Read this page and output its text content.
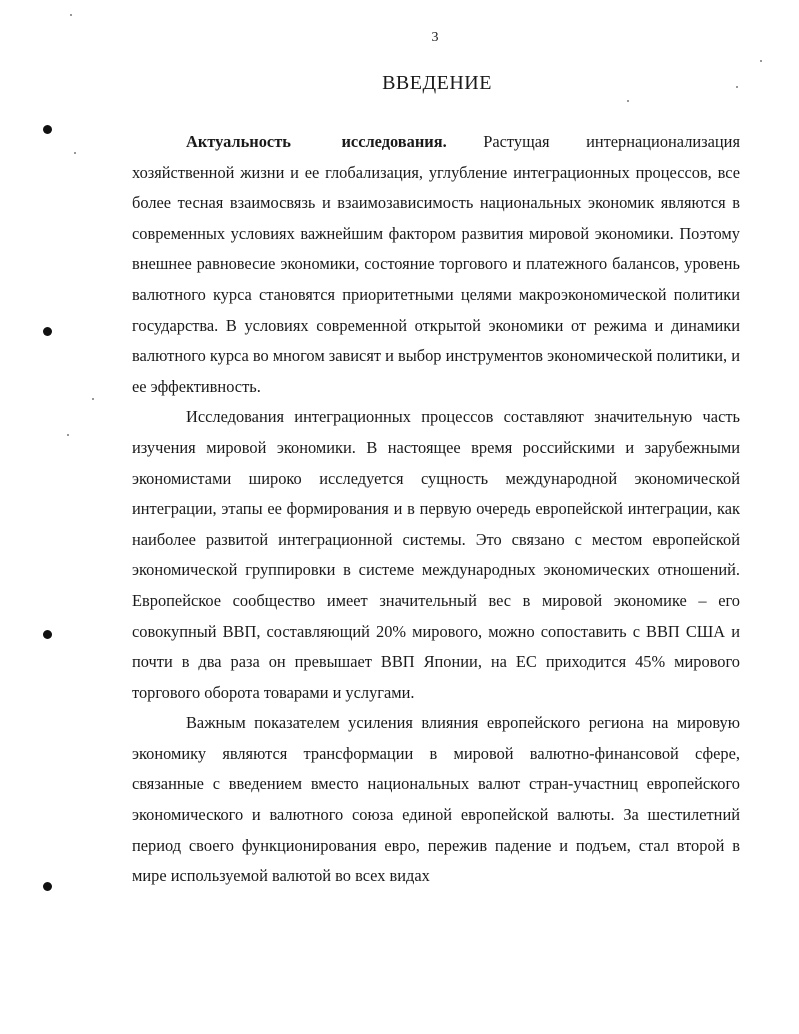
3
ВВЕДЕНИЕ

Актуальность исследования. Растущая интернационализация хозяйственной жизни и ее глобализация, углубление интеграционных процессов, все более тесная взаимосвязь и взаимозависимость национальных экономик являются в современных условиях важнейшим фактором развития мировой экономики. Поэтому внешнее равновесие экономики, состояние торгового и платежного балансов, уровень валютного курса становятся приоритетными целями макроэкономической политики государства. В условиях современной открытой экономики от режима и динамики валютного курса во многом зависят и выбор инструментов экономической политики, и ее эффективность.

Исследования интеграционных процессов составляют значительную часть изучения мировой экономики. В настоящее время российскими и зарубежными экономистами широко исследуется сущность международной экономической интеграции, этапы ее формирования и в первую очередь европейской интеграции, как наиболее развитой интеграционной системы. Это связано с местом европейской экономической группировки в системе международных экономических отношений. Европейское сообщество имеет значительный вес в мировой экономике – его совокупный ВВП, составляющий 20% мирового, можно сопоставить с ВВП США и почти в два раза он превышает ВВП Японии, на ЕС приходится 45% мирового торгового оборота товарами и услугами.

Важным показателем усиления влияния европейского региона на мировую экономику являются трансформации в мировой валютно-финансовой сфере, связанные с введением вместо национальных валют стран-участниц европейского экономического и валютного союза единой европейской валюты. За шестилетний период своего функционирования евро, пережив падение и подъем, стал второй в мире используемой валютой во всех видах
